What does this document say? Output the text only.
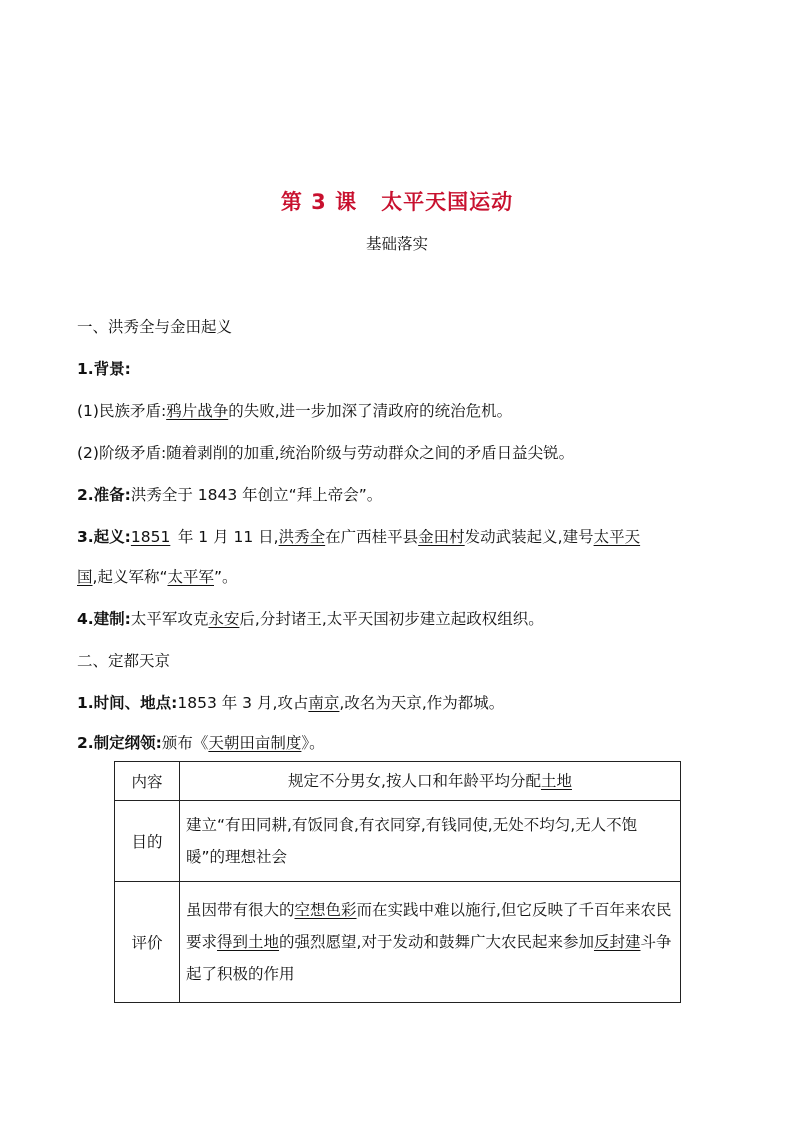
第 3 课 太平天国运动
基础落实
一、洪秀全与金田起义
1.背景:
(1)民族矛盾:鸦片战争的失败,进一步加深了清政府的统治危机。
(2)阶级矛盾:随着剥削的加重,统治阶级与劳动群众之间的矛盾日益尖锐。
2.准备:洪秀全于 1843 年创立“拜上帝会”。
3.起义:1851 年 1 月 11 日,洪秀全在广西桂平县金田村发动武装起义,建号太平天
国,起义军称“太平军”。
4.建制:太平军攻克永安后,分封诸王,太平天国初步建立起政权组织。
二、定都天京
1.时间、地点:1853 年 3 月,攻占南京,改名为天京,作为都城。
2.制定纲领:颁布《天朝田亩制度》。
内容	规定不分男女,按人口和年龄平均分配土地
目的	建立“有田同耕,有饭同食,有衣同穿,有钱同使,无处不均匀,无人不饱暖”的理想社会
评价	虽因带有很大的空想色彩而在实践中难以施行,但它反映了千百年来农民要求得到土地的强烈愿望,对于发动和鼓舞广大农民起来参加反封建斗争起了积极的作用
